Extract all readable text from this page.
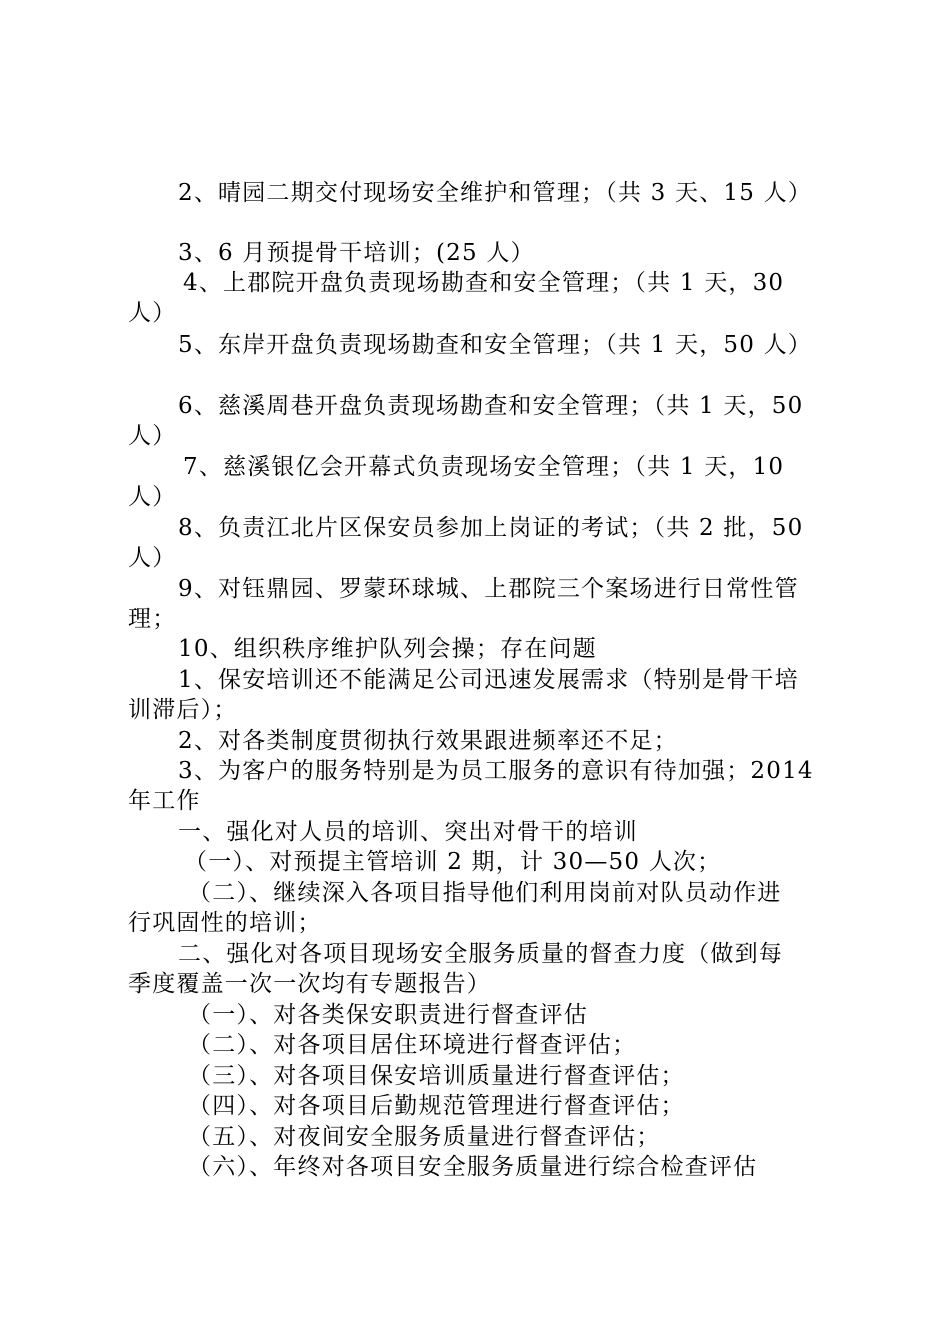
2、晴园二期交付现场安全维护和管理；（共 3 天、15 人）
3、6 月预提骨干培训；(25 人）
4、上郡院开盘负责现场勘查和安全管理；（共 1 天，30
人）
5、东岸开盘负责现场勘查和安全管理；（共 1 天，50 人）
6、慈溪周巷开盘负责现场勘查和安全管理；（共 1 天，50
人）
7、慈溪银亿会开幕式负责现场安全管理；（共 1 天，10
人）
8、负责江北片区保安员参加上岗证的考试；（共 2 批，50
人）
9、对钰鼎园、罗蒙环球城、上郡院三个案场进行日常性管
理；
10、组织秩序维护队列会操；存在问题
1、保安培训还不能满足公司迅速发展需求（特别是骨干培
训滞后）；
2、对各类制度贯彻执行效果跟进频率还不足；
3、为客户的服务特别是为员工服务的意识有待加强；2014
年工作
一、强化对人员的培训、突出对骨干的培训
（一）、对预提主管培训 2 期，计 30—50 人次；
（二）、继续深入各项目指导他们利用岗前对队员动作进
行巩固性的培训；
二、强化对各项目现场安全服务质量的督查力度（做到每
季度覆盖一次一次均有专题报告）
（一）、对各类保安职责进行督查评估
（二）、对各项目居住环境进行督查评估；
（三）、对各项目保安培训质量进行督查评估；
（四）、对各项目后勤规范管理进行督查评估；
（五）、对夜间安全服务质量进行督查评估；
（六）、年终对各项目安全服务质量进行综合检查评估
